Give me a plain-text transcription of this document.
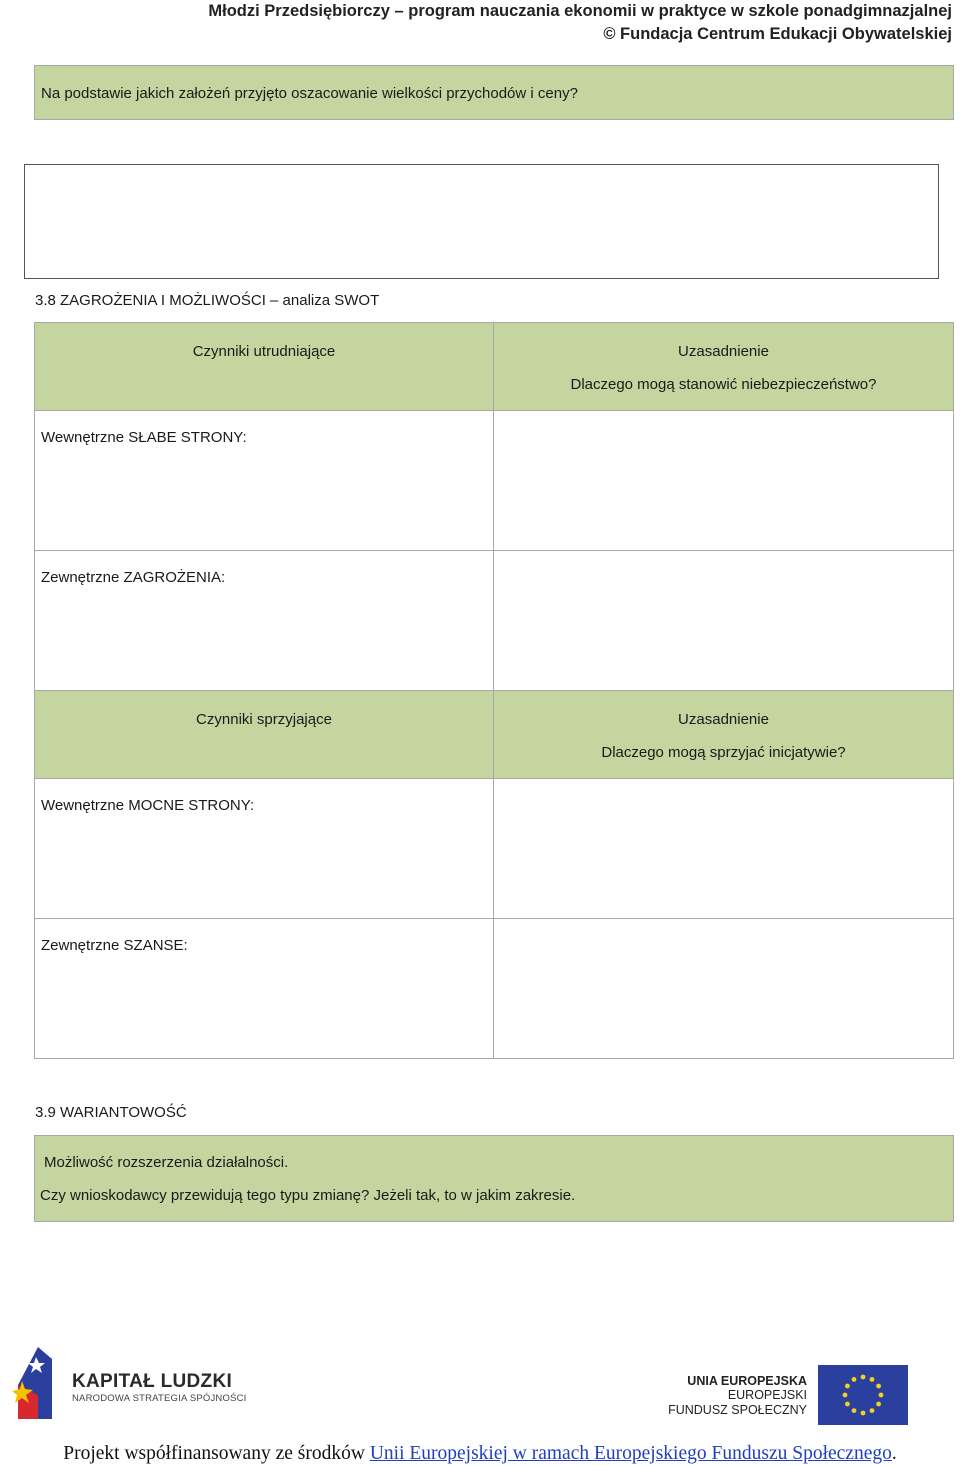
Młodzi Przedsiębiorczy – program nauczania ekonomii w praktyce w szkole ponadgimnazjalnej
© Fundacja Centrum Edukacji Obywatelskiej
Na podstawie jakich założeń przyjęto oszacowanie wielkości przychodów i ceny?
3.8 ZAGROŻENIA I MOŻLIWOŚCI – analiza SWOT
Czynniki utrudniające	Uzasadnienie
Dlaczego mogą stanowić niebezpieczeństwo?

Wewnętrzne SŁABE STRONY:	

Zewnętrzne ZAGROŻENIA:	

Czynniki sprzyjające	Uzasadnienie
Dlaczego mogą sprzyjać inicjatywie?

Wewnętrzne MOCNE STRONY:	

Zewnętrzne SZANSE:	

3.9 WARIANTOWOŚĆ
Możliwość rozszerzenia działalności.
Czy wnioskodawcy przewidują tego typu zmianę? Jeżeli tak, to w jakim zakresie.
KAPITAŁ LUDZKI
NARODOWA STRATEGIA SPÓJNOŚCI
UNIA EUROPEJSKA
EUROPEJSKI
FUNDUSZ SPOŁECZNY
Projekt współfinansowany ze środków Unii Europejskiej w ramach Europejskiego Funduszu Społecznego.
